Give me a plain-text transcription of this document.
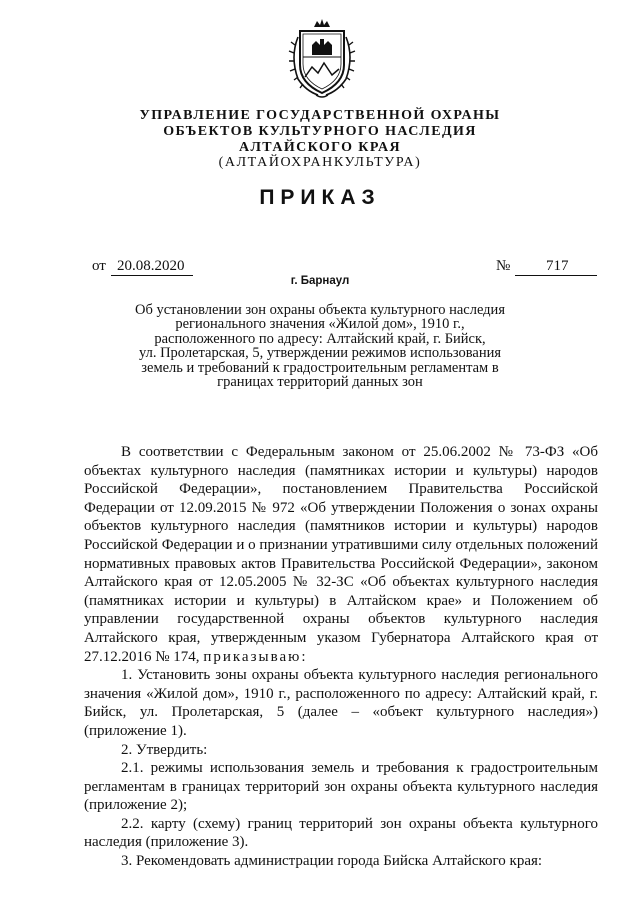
УПРАВЛЕНИЕ ГОСУДАРСТВЕННОЙ ОХРАНЫ
ОБЪЕКТОВ КУЛЬТУРНОГО НАСЛЕДИЯ
АЛТАЙСКОГО КРАЯ
(АЛТАЙОХРАНКУЛЬТУРА)
ПРИКАЗ
от 20.08.2020	№ 717
г. Барнаул
Об установлении зон охраны объекта культурного наследия
регионального значения «Жилой дом», 1910 г.,
расположенного по адресу: Алтайский край, г. Бийск,
ул. Пролетарская, 5, утверждении режимов использования
земель и требований к градостроительным регламентам в
границах территорий данных зон

В соответствии с Федеральным законом от 25.06.2002 № 73-ФЗ «Об объектах культурного наследия (памятниках истории и культуры) народов Российской Федерации», постановлением Правительства Российской Федерации от 12.09.2015 № 972 «Об утверждении Положения о зонах охраны объектов культурного наследия (памятников истории и культуры) народов Российской Федерации и о признании утратившими силу отдельных положений нормативных правовых актов Правительства Российской Федерации», законом Алтайского края от 12.05.2005 № 32-ЗС «Об объектах культурного наследия (памятниках истории и культуры) в Алтайском крае» и Положением об управлении государственной охраны объектов культурного наследия Алтайского края, утвержденным указом Губернатора Алтайского края от 27.12.2016 № 174, приказываю:

1. Установить зоны охраны объекта культурного наследия регионального значения «Жилой дом», 1910 г., расположенного по адресу: Алтайский край, г. Бийск, ул. Пролетарская, 5 (далее – «объект культурного наследия») (приложение 1).

2. Утвердить:

2.1. режимы использования земель и требования к градостроительным регламентам в границах территорий зон охраны объекта культурного наследия (приложение 2);

2.2. карту (схему) границ территорий зон охраны объекта культурного наследия (приложение 3).

3. Рекомендовать администрации города Бийска Алтайского края:
